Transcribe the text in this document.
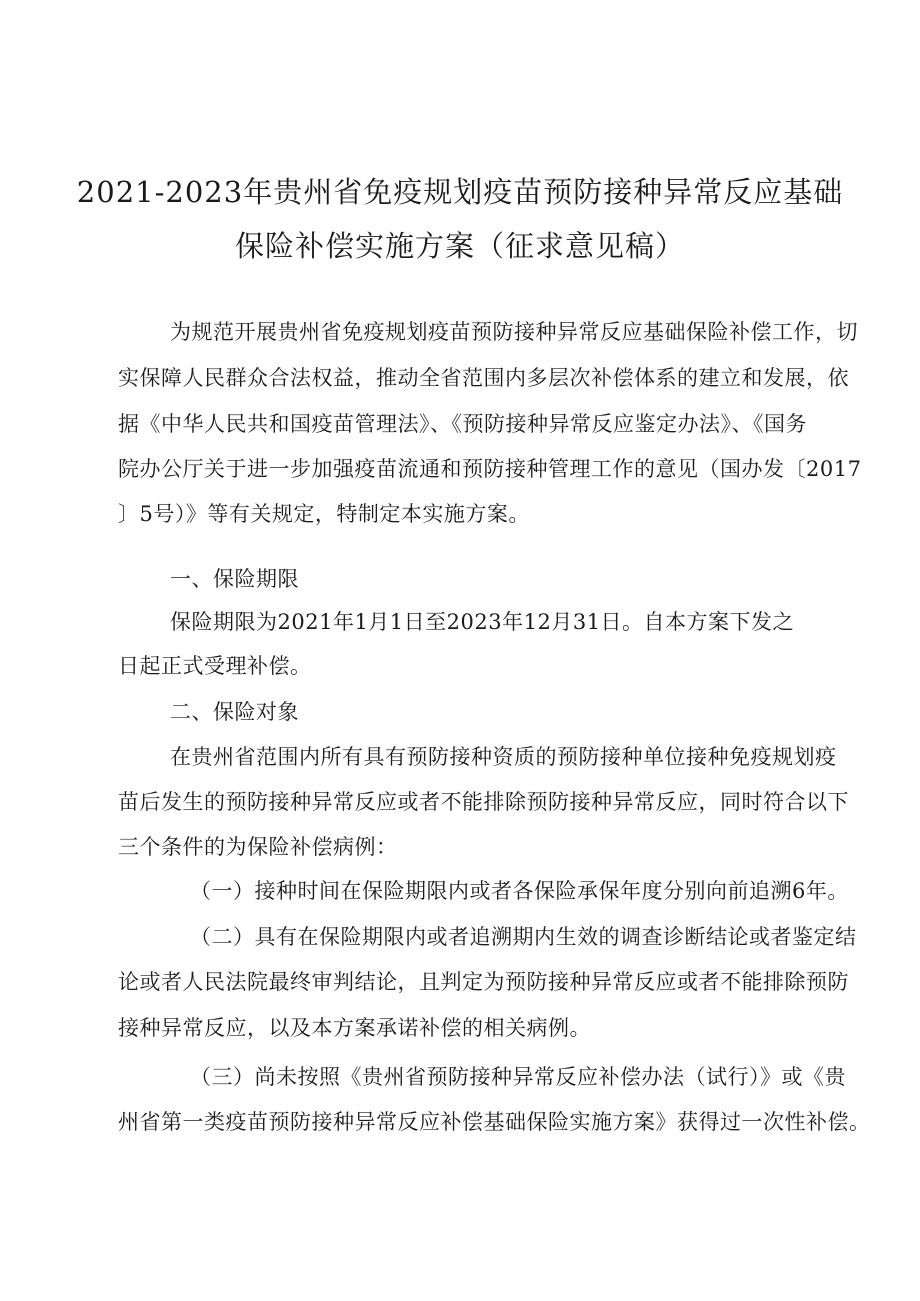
2021-2023年贵州省免疫规划疫苗预防接种异常反应基础
保险补偿实施方案（征求意见稿）
为规范开展贵州省免疫规划疫苗预防接种异常反应基础保险补偿工作，切
实保障人民群众合法权益，推动全省范围内多层次补偿体系的建立和发展，依
据《中华人民共和国疫苗管理法》、《预防接种异常反应鉴定办法》、《国务
院办公厅关于进一步加强疫苗流通和预防接种管理工作的意见（国办发〔2017
〕5号）》等有关规定，特制定本实施方案。
一、保险期限
保险期限为2021年1月1日至2023年12月31日。自本方案下发之
日起正式受理补偿。
二、保险对象
在贵州省范围内所有具有预防接种资质的预防接种单位接种免疫规划疫
苗后发生的预防接种异常反应或者不能排除预防接种异常反应，同时符合以下
三个条件的为保险补偿病例：
（一）接种时间在保险期限内或者各保险承保年度分别向前追溯6年。
（二）具有在保险期限内或者追溯期内生效的调查诊断结论或者鉴定结
论或者人民法院最终审判结论，且判定为预防接种异常反应或者不能排除预防
接种异常反应，以及本方案承诺补偿的相关病例。
（三）尚未按照《贵州省预防接种异常反应补偿办法（试行）》或《贵
州省第一类疫苗预防接种异常反应补偿基础保险实施方案》获得过一次性补偿。
